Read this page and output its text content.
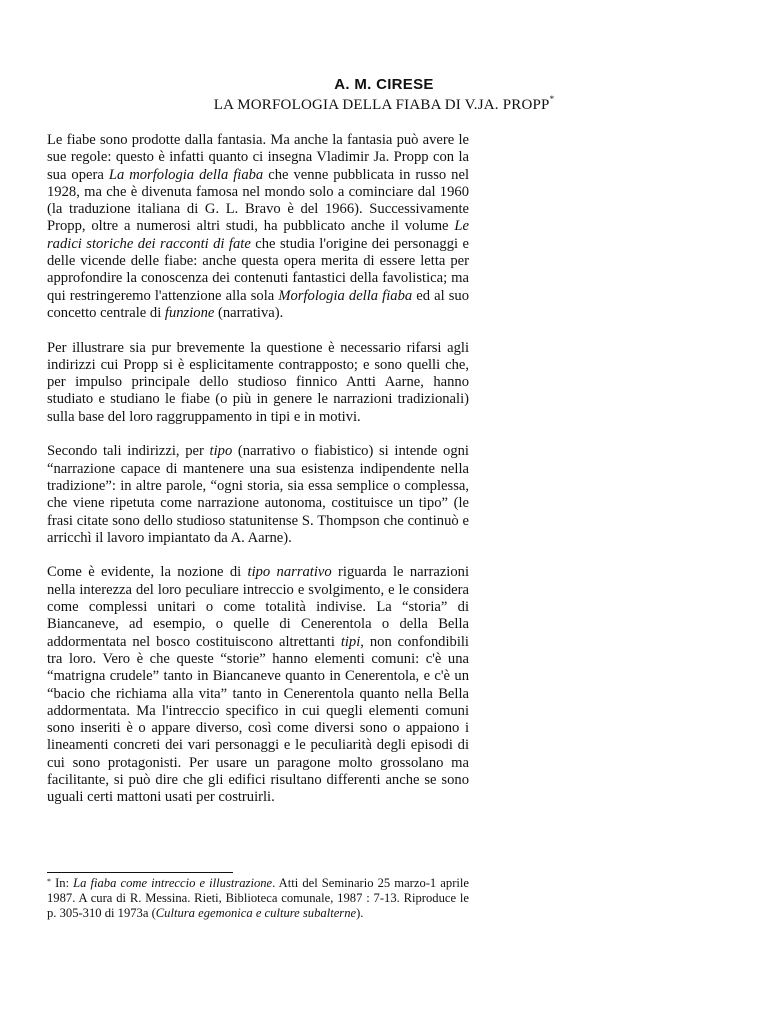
A. M. CIRESE
LA MORFOLOGIA DELLA FIABA DI V.JA. PROPP*

Le fiabe sono prodotte dalla fantasia. Ma anche la fantasia può avere le sue regole: questo è infatti quanto ci insegna Vladimir Ja. Propp con la sua opera La morfologia della fiaba che venne pubblicata in russo nel 1928, ma che è divenuta famosa nel mondo solo a cominciare dal 1960 (la traduzione italiana di G. L. Bravo è del 1966). Successivamente Propp, oltre a numerosi altri studi, ha pubblicato anche il volume Le radici storiche dei racconti di fate che studia l'origine dei personaggi e delle vicende delle fiabe: anche questa opera merita di essere letta per approfondire la conoscenza dei contenuti fantastici della favolistica; ma qui restringeremo l'attenzione alla sola Morfologia della fiaba ed al suo concetto centrale di funzione (narrativa).

Per illustrare sia pur brevemente la questione è necessario rifarsi agli indirizzi cui Propp si è esplicitamente contrapposto; e sono quelli che, per impulso principale dello studioso finnico Antti Aarne, hanno studiato e studiano le fiabe (o più in genere le narrazioni tradizionali) sulla base del loro raggruppamento in tipi e in motivi.

Secondo tali indirizzi, per tipo (narrativo o fiabistico) si intende ogni “narrazione capace di mantenere una sua esistenza indipendente nella tradizione”: in altre parole, “ogni storia, sia essa semplice o complessa, che viene ripetuta come narrazione autonoma, costituisce un tipo” (le frasi citate sono dello studioso statunitense S. Thompson che continuò e arricchì il lavoro impiantato da A. Aarne).

Come è evidente, la nozione di tipo narrativo riguarda le narrazioni nella interezza del loro peculiare intreccio e svolgimento, e le considera come complessi unitari o come totalità indivise. La “storia” di Biancaneve, ad esempio, o quelle di Cenerentola o della Bella addormentata nel bosco costituiscono altrettanti tipi, non confondibili tra loro. Vero è che queste “storie” hanno elementi comuni: c'è una “matrigna crudele” tanto in Biancaneve quanto in Cenerentola, e c'è un “bacio che richiama alla vita” tanto in Cenerentola quanto nella Bella addormentata. Ma l'intreccio specifico in cui quegli elementi comuni sono inseriti è o appare diverso, così come diversi sono o appaiono i lineamenti concreti dei vari personaggi e le peculiarità degli episodi di cui sono protagonisti. Per usare un paragone molto grossolano ma facilitante, si può dire che gli edifici risultano differenti anche se sono uguali certi mattoni usati per costruirli.

* In: La fiaba come intreccio e illustrazione. Atti del Seminario 25 marzo-1 aprile 1987. A cura di R. Messina. Rieti, Biblioteca comunale, 1987 : 7-13. Riproduce le p. 305-310 di 1973a (Cultura egemonica e culture subalterne).
